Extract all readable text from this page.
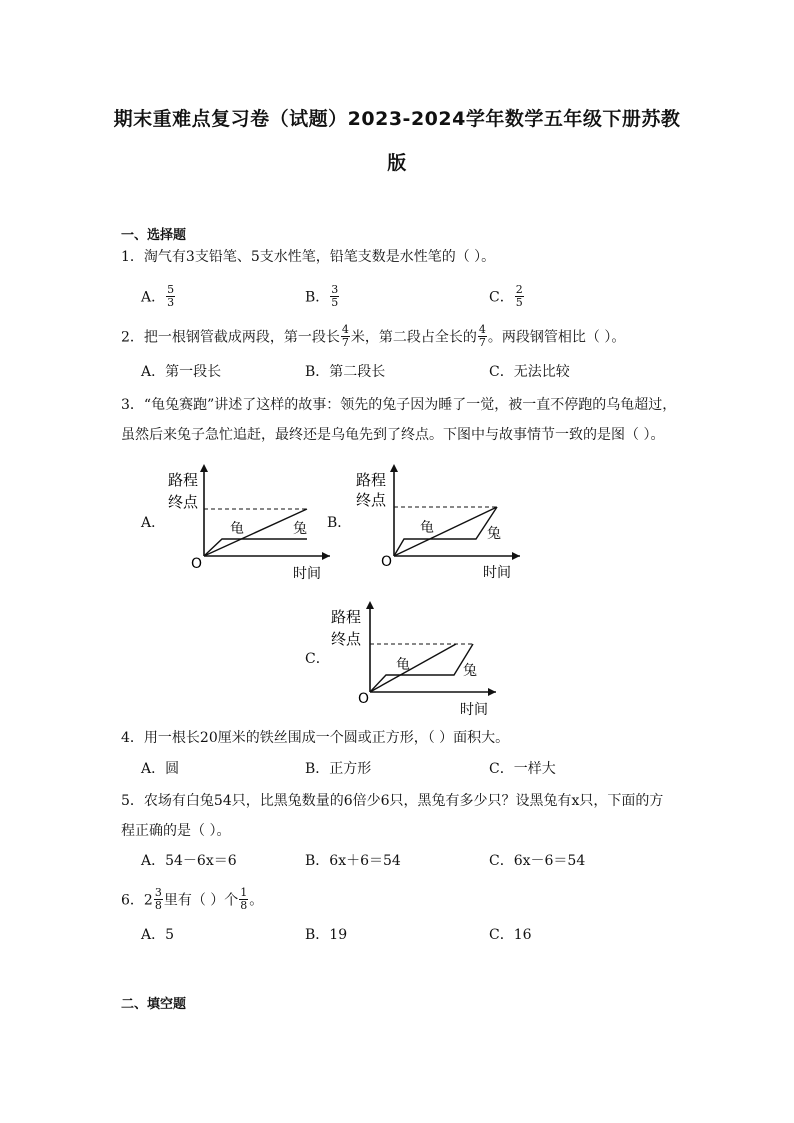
期末重难点复习卷（试题）2023-2024学年数学五年级下册苏教
版
一、选择题
1．淘气有3支铅笔、5支水性笔，铅笔支数是水性笔的（ ）。
A． $\frac{5}{3}$	B． $\frac{3}{5}$	C． $\frac{2}{5}$
2．把一根钢管截成两段，第一段长 $\frac{4}{7}$ 米，第二段占全长的 $\frac{4}{7}$ 。两段钢管相比（ ）。
A．第一段长	B．第二段长	C．无法比较
3．“龟兔赛跑”讲述了这样的故事：领先的兔子因为睡了一觉，被一直不停跑的乌龟超过，
虽然后来兔子急忙追赶，最终还是乌龟先到了终点。下图中与故事情节一致的是图（ ）。
A．	B．
C．
路程
终点
龟	兔
O
时间
路程
终点
龟	兔
O
时间
路程
终点
龟	兔
O
时间
4．用一根长20厘米的铁丝围成一个圆或正方形，（ ）面积大。
A．圆	B．正方形	C．一样大
5．农场有白兔54只，比黑兔数量的6倍少6只，黑兔有多少只？设黑兔有x只，下面的方
程正确的是（ ）。
A．54－6x＝6	B．6x＋6＝54	C．6x－6＝54
6．$2 \frac{3}{8}$ 里有（ ）个 $\frac{1}{8}$ 。
A．5	B．19	C．16
二、填空题
